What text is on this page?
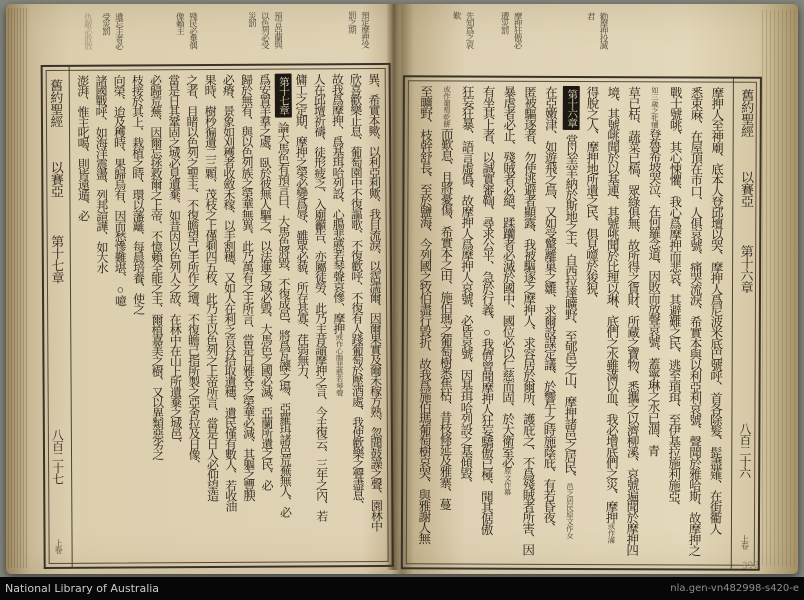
預定摩押受
罰之期
預言亞蘭與
以色列必受
災罰
殘民必棄偶
像賴主
遺忘主者必
受災罰
仇敵必敗散
舊約聖經
以賽亞
第十七章
八百二十七
上卷
異、希實本歟、以利亞利歟、我目流淚、以霑濡爾、因爾果實及爾禾稼方熟、忽聞鼓譟之聲、園林中
欣喜歡樂止息、葡萄園中不復謳歌、不復歡呼、不復有人踐葡萄於壓酒處、我使歡樂之聲盡息、
故我爲摩押、爲基珥哈列設、心腸悲慼若琴聲哀慘、摩押或作心腸悲慼若琴聲
人在邱壇祈禱、徒形疲乏、入廟籲告、亦屬徒勞、此乃主昔諭摩押之言、今主復云、三年之內、若
傭工之定期、摩押之榮必變爲辱、雖眾必藐、所存甚寡、荏弱無力、
第十七章論大馬色有預言曰、大馬色將毀、不復成邑、將爲瓦礫之場、亞羅珥諸邑荒蕪無人、必
爲安置羊羣之處、臥於彼無人驅之、以法蓮之域必毀、大馬色之國必滅、亞蘭所遺之民、必
歸於無有、與以色列族之榮華無異、此乃萬有之主所言、當是日雅各之榮華必減、其軀之豐腴
必瘠、景象如刈穫者收斂禾稼、以手割穗、又如人在利乏音谷拾取遺穗、遺民僅有數人、若收油
果時、樹杪徧遺二三顆、茂枝之上僅剩四五枚、此乃主以色列之上帝所言、當是日人必仰望造
之者、目睹以色列之聖主、不復瞻望己手所作之壇、不復瞻己指所製之亞舍拉及日像、
當是日其鞏固之城必見遺棄、如昔因以色列人之故、在林中在山上所遺棄之城邑、
必歸荒蕪、因爾忘拯救爾之上帝、不憶賴全能之主、爾植嘉美之樹、又以異類惡劣之
枝接於其上、栽植之時、環以藩籬、每晨培養、使之
向榮、迨及穫時、果歸烏有、因而愁慘難堪、○噫
諸國戰呼、如海洋震盪、列邦諠譁、如大水
澎湃、惟主叱喝、則皆遠遁、必
勸摩押投誠
君
摩押狂傲必
遭災罰
先知爲之哀
歎
舊約聖經
以賽亞
第十六章
八百二十六
上卷
摩押人至神廟、底本人登邱壇以哭、摩押人爲尼波米底巴號呼、首各除髮、髭盡薙、在街衢人
悉束麻、在屋頂在市口、人俱哀號、痛哭流淚、希實本與以利亞利哀號、聲聞於雅哈斯、故摩押之
戰士號咷、其心悚懼、我心爲摩押而悲哀、其避難之民、逃至瑣珥、至伊基拉施利施亞、
如三歲之牝犢登魯希坡哭泣、在何羅念道、因敗而放聲哀號、蓋寧琳之水已涸、青
草已枯、蔬菜已槁、眾綠俱無、故所得之貨財、所藏之寶物、悉攜之以濟柳溪、哀號遍聞於摩押四
境、其號咷聞於以基連、其號咷聞於比理以琳、底們之水雖滿以血、我必增底們之災、摩押或作滿
得脫之人、摩押地所遺之民、俱見噬於狻猊、
第十六章當以羔羊納於斯地之主、自西拉達曠野、至郇邑之山、摩押諸邑之居民、邑之居民原文作女
在亞嫩津、如遊飛之鳥、又如受驚離巢之雛、求爾設謀定議、於響午之時施蔭庇、有若昏夜、
匿被驅逐者、勿使逃避者顯露、我被驅逐之摩押人、求容居於爾所、護庇之、不爲殘賊者所害、因
暴虐者必止、殘賊者必絕、蹂躪者必滅於國中、國位必以仁慈而固、於大衛室必原文作幕
有坐其上者、以誠實審鞫、尋求公平、急於行義、○我儕曾聞摩押人狂妄驕傲已極、聞其倨傲
狂妄狂暴、語言虛僞、故摩押人爲摩押人哀號、必皆哀號、因基珥哈列設之基傾毀、
或作葡萄乾餅而歎息、且將憂傷、希實本之田、施伯瑪之葡萄樹悉焦枯、昔枝條延及雅寨、蔓
至曠野、枝幹舒長、至於鹽海、今列國之牧伯盡行毀折、故我爲施伯瑪葡萄樹哀哭、與雅謝人無
392
National Library of Australia	nla.gen-vn482998-s420-e
